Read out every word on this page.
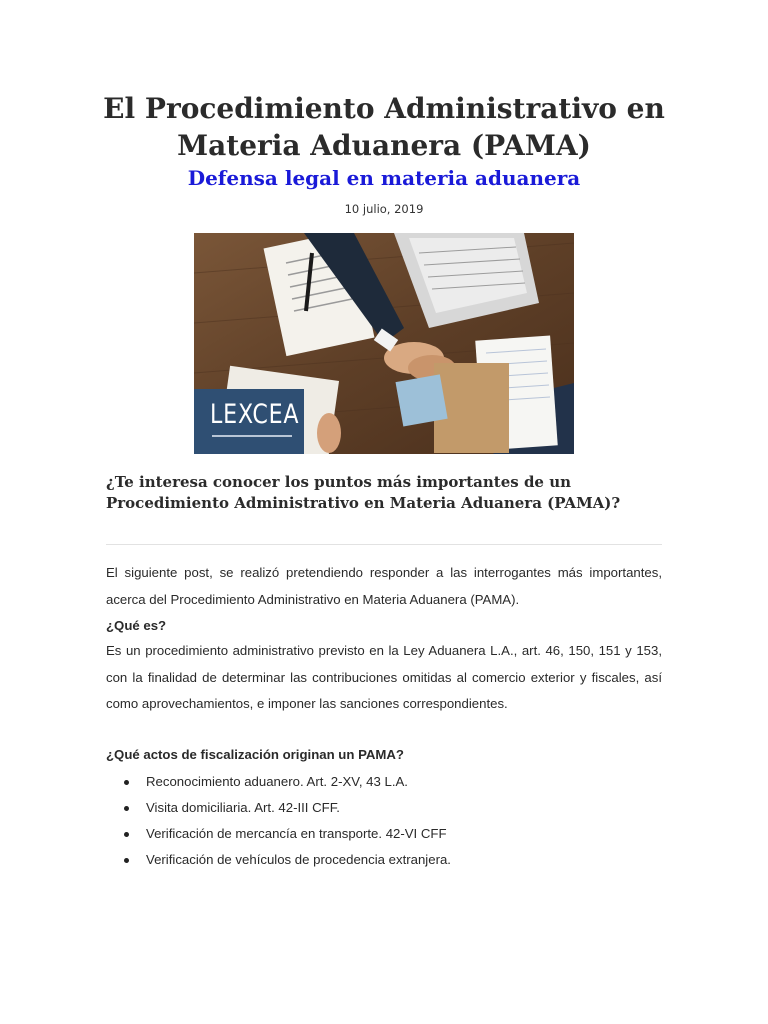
El Procedimiento Administrativo en Materia Aduanera (PAMA)
Defensa legal en materia aduanera
10 julio, 2019
LEXCEA
¿Te interesa conocer los puntos más importantes de un Procedimiento Administrativo en Materia Aduanera (PAMA)?

El siguiente post, se realizó pretendiendo responder a las interrogantes más importantes, acerca del Procedimiento Administrativo en Materia Aduanera (PAMA).

¿Qué es?

Es un procedimiento administrativo previsto en la Ley Aduanera L.A., art. 46, 150, 151 y 153, con la finalidad de determinar las contribuciones omitidas al comercio exterior y fiscales, así como aprovechamientos, e imponer las sanciones correspondientes.

¿Qué actos de fiscalización originan un PAMA?

Reconocimiento aduanero. Art. 2-XV, 43 L.A.
Visita domiciliaria. Art. 42-III CFF.
Verificación de mercancía en transporte. 42-VI CFF
Verificación de vehículos de procedencia extranjera.
